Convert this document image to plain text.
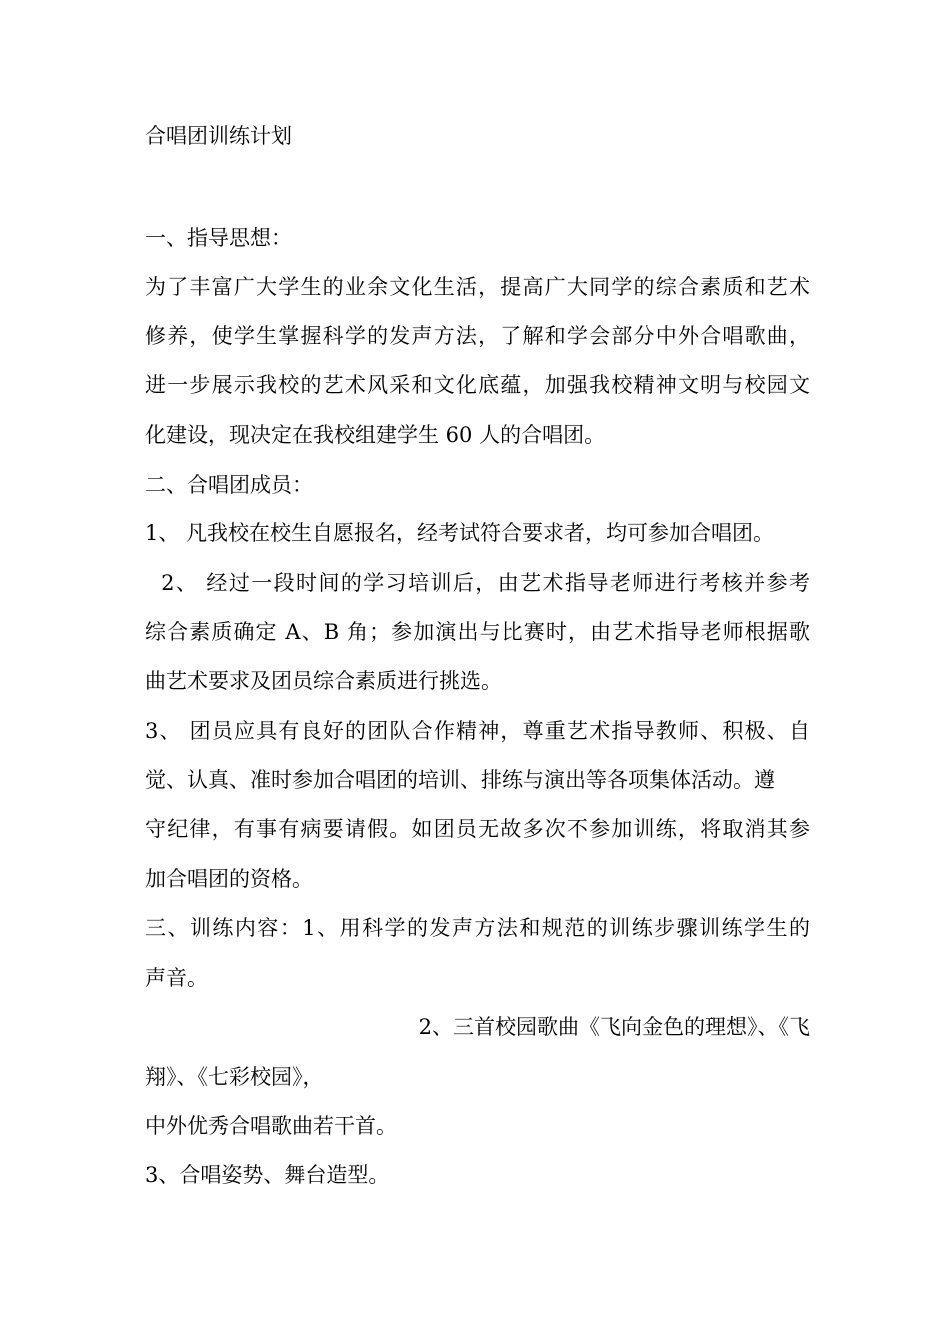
合唱团训练计划
一、指导思想：
为了丰富广大学生的业余文化生活，提高广大同学的综合素质和艺术
修养，使学生掌握科学的发声方法，了解和学会部分中外合唱歌曲，
进一步展示我校的艺术风采和文化底蕴，加强我校精神文明与校园文
化建设，现决定在我校组建学生 60 人的合唱团。
二、合唱团成员：
1、 凡我校在校生自愿报名，经考试符合要求者，均可参加合唱团。
2、 经过一段时间的学习培训后，由艺术指导老师进行考核并参考
综合素质确定 A、B 角；参加演出与比赛时，由艺术指导老师根据歌
曲艺术要求及团员综合素质进行挑选。
3、 团员应具有良好的团队合作精神，尊重艺术指导教师、积极、自
觉、认真、准时参加合唱团的培训、排练与演出等各项集体活动。遵
守纪律，有事有病要请假。如团员无故多次不参加训练，将取消其参
加合唱团的资格。
三、训练内容：1、用科学的发声方法和规范的训练步骤训练学生的
声音。
2、三首校园歌曲《飞向金色的理想》、《飞
翔》、《七彩校园》，
中外优秀合唱歌曲若干首。
3、合唱姿势、舞台造型。
